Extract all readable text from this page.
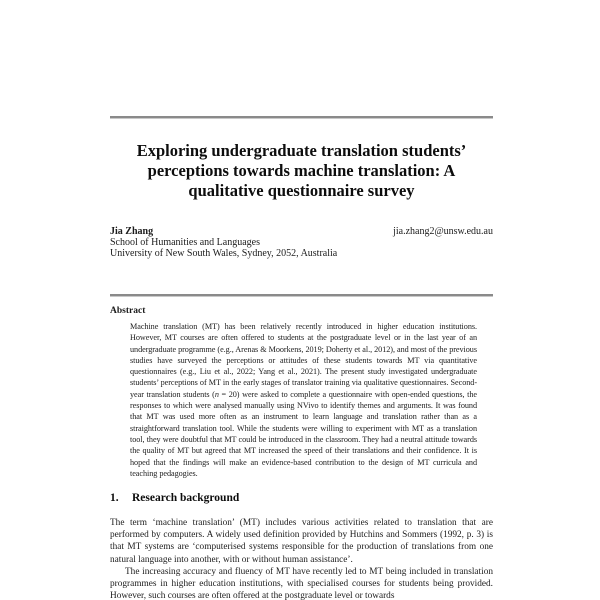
Exploring undergraduate translation students’ perceptions towards machine translation: A qualitative questionnaire survey
Jia Zhang	jia.zhang2@unsw.edu.au
School of Humanities and Languages
University of New South Wales, Sydney, 2052, Australia
Abstract

Machine translation (MT) has been relatively recently introduced in higher education institutions. However, MT courses are often offered to students at the postgraduate level or in the last year of an undergraduate programme (e.g., Arenas & Moorkens, 2019; Doherty et al., 2012), and most of the previous studies have surveyed the perceptions or attitudes of these students towards MT via quantitative questionnaires (e.g., Liu et al., 2022; Yang et al., 2021). The present study investigated undergraduate students’ perceptions of MT in the early stages of translator training via qualitative questionnaires. Second-year translation students (n = 20) were asked to complete a questionnaire with open-ended questions, the responses to which were analysed manually using NVivo to identify themes and arguments. It was found that MT was used more often as an instrument to learn language and translation rather than as a straightforward translation tool. While the students were willing to experiment with MT as a translation tool, they were doubtful that MT could be introduced in the classroom. They had a neutral attitude towards the quality of MT but agreed that MT increased the speed of their translations and their confidence. It is hoped that the findings will make an evidence-based contribution to the design of MT curricula and teaching pedagogies.

1. Research background

The term ‘machine translation’ (MT) includes various activities related to translation that are performed by computers. A widely used definition provided by Hutchins and Sommers (1992, p. 3) is that MT systems are ‘computerised systems responsible for the production of translations from one natural language into another, with or without human assistance’.

The increasing accuracy and fluency of MT have recently led to MT being included in translation programmes in higher education institutions, with specialised courses for students being provided. However, such courses are often offered at the postgraduate level or towards
